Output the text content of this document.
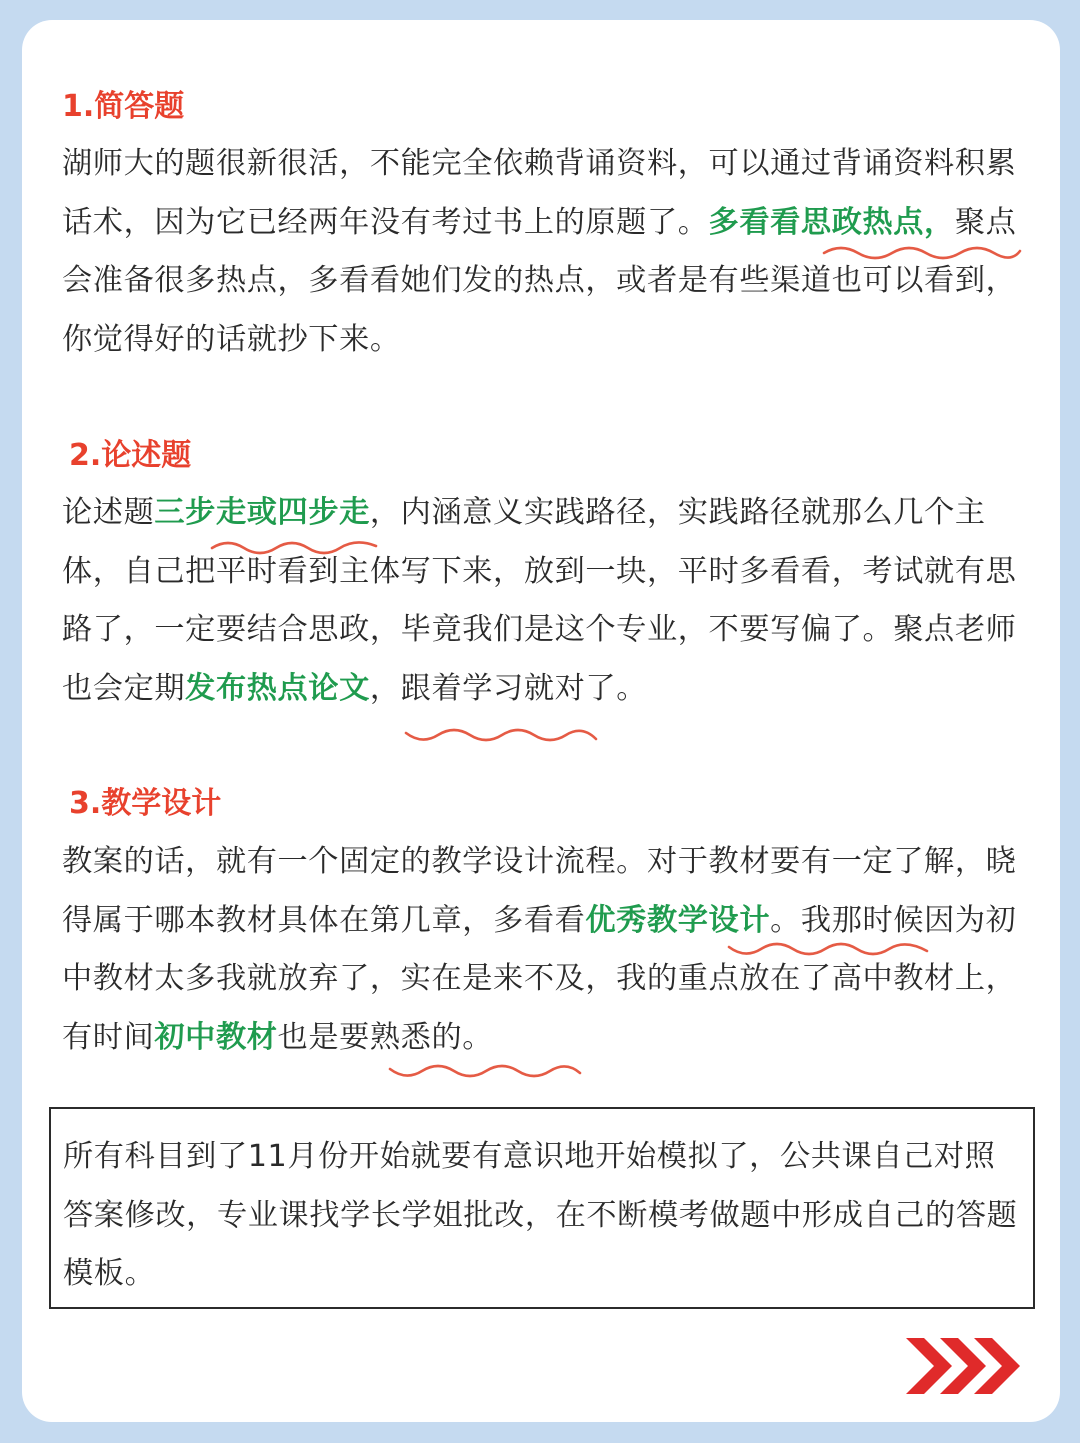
1.简答题

湖师大的题很新很活，不能完全依赖背诵资料，可以通过背诵资料积累话术，因为它已经两年没有考过书上的原题了。多看看思政热点，聚点会准备很多热点，多看看她们发的热点，或者是有些渠道也可以看到，你觉得好的话就抄下来。

2.论述题

论述题三步走或四步走，内涵意义实践路径，实践路径就那么几个主体，自己把平时看到主体写下来，放到一块，平时多看看，考试就有思路了，一定要结合思政，毕竟我们是这个专业，不要写偏了。聚点老师也会定期发布热点论文，跟着学习就对了。

3.教学设计

教案的话，就有一个固定的教学设计流程。对于教材要有一定了解，晓得属于哪本教材具体在第几章，多看看优秀教学设计。我那时候因为初中教材太多我就放弃了，实在是来不及，我的重点放在了高中教材上，有时间初中教材也是要熟悉的。

所有科目到了11月份开始就要有意识地开始模拟了，公共课自己对照答案修改，专业课找学长学姐批改，在不断模考做题中形成自己的答题模板。
